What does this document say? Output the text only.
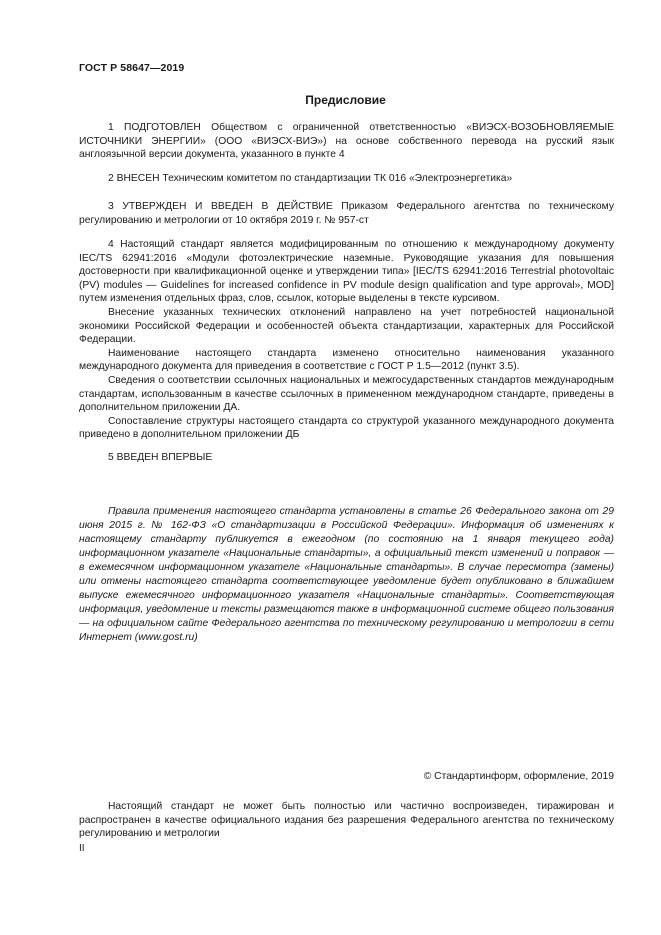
ГОСТ Р 58647—2019
Предисловие

1 ПОДГОТОВЛЕН Обществом с ограниченной ответственностью «ВИЭСХ-ВОЗОБНОВЛЯЕМЫЕ ИСТОЧНИКИ ЭНЕРГИИ» (ООО «ВИЭСХ-ВИЭ») на основе собственного перевода на русский язык англоязычной версии документа, указанного в пункте 4

2 ВНЕСЕН Техническим комитетом по стандартизации ТК 016 «Электроэнергетика»

3 УТВЕРЖДЕН И ВВЕДЕН В ДЕЙСТВИЕ Приказом Федерального агентства по техническому регулированию и метрологии от 10 октября 2019 г. № 957-ст

4 Настоящий стандарт является модифицированным по отношению к международному документу IEC/TS 62941:2016 «Модули фотоэлектрические наземные. Руководящие указания для повышения достоверности при квалификационной оценке и утверждении типа» [IEC/TS 62941:2016 Terrestrial photovoltaic (PV) modules — Guidelines for increased confidence in PV module design qualification and type approval», MOD] путем изменения отдельных фраз, слов, ссылок, которые выделены в тексте курсивом.

Внесение указанных технических отклонений направлено на учет потребностей национальной экономики Российской Федерации и особенностей объекта стандартизации, характерных для Российской Федерации.

Наименование настоящего стандарта изменено относительно наименования указанного международного документа для приведения в соответствие с ГОСТ Р 1.5—2012 (пункт 3.5).

Сведения о соответствии ссылочных национальных и межгосударственных стандартов международным стандартам, использованным в качестве ссылочных в примененном международном стандарте, приведены в дополнительном приложении ДА.

Сопоставление структуры настоящего стандарта со структурой указанного международного документа приведено в дополнительном приложении ДБ

5 ВВЕДЕН ВПЕРВЫЕ

Правила применения настоящего стандарта установлены в статье 26 Федерального закона от 29 июня 2015 г. № 162-ФЗ «О стандартизации в Российской Федерации». Информация об изменениях к настоящему стандарту публикуется в ежегодном (по состоянию на 1 января текущего года) информационном указателе «Национальные стандарты», а официальный текст изменений и поправок — в ежемесячном информационном указателе «Национальные стандарты». В случае пересмотра (замены) или отмены настоящего стандарта соответствующее уведомление будет опубликовано в ближайшем выпуске ежемесячного информационного указателя «Национальные стандарты». Соответствующая информация, уведомление и тексты размещаются также в информационной системе общего пользования — на официальном сайте Федерального агентства по техническому регулированию и метрологии в сети Интернет (www.gost.ru)

© Стандартинформ, оформление, 2019

Настоящий стандарт не может быть полностью или частично воспроизведен, тиражирован и распространен в качестве официального издания без разрешения Федерального агентства по техническому регулированию и метрологии

II
